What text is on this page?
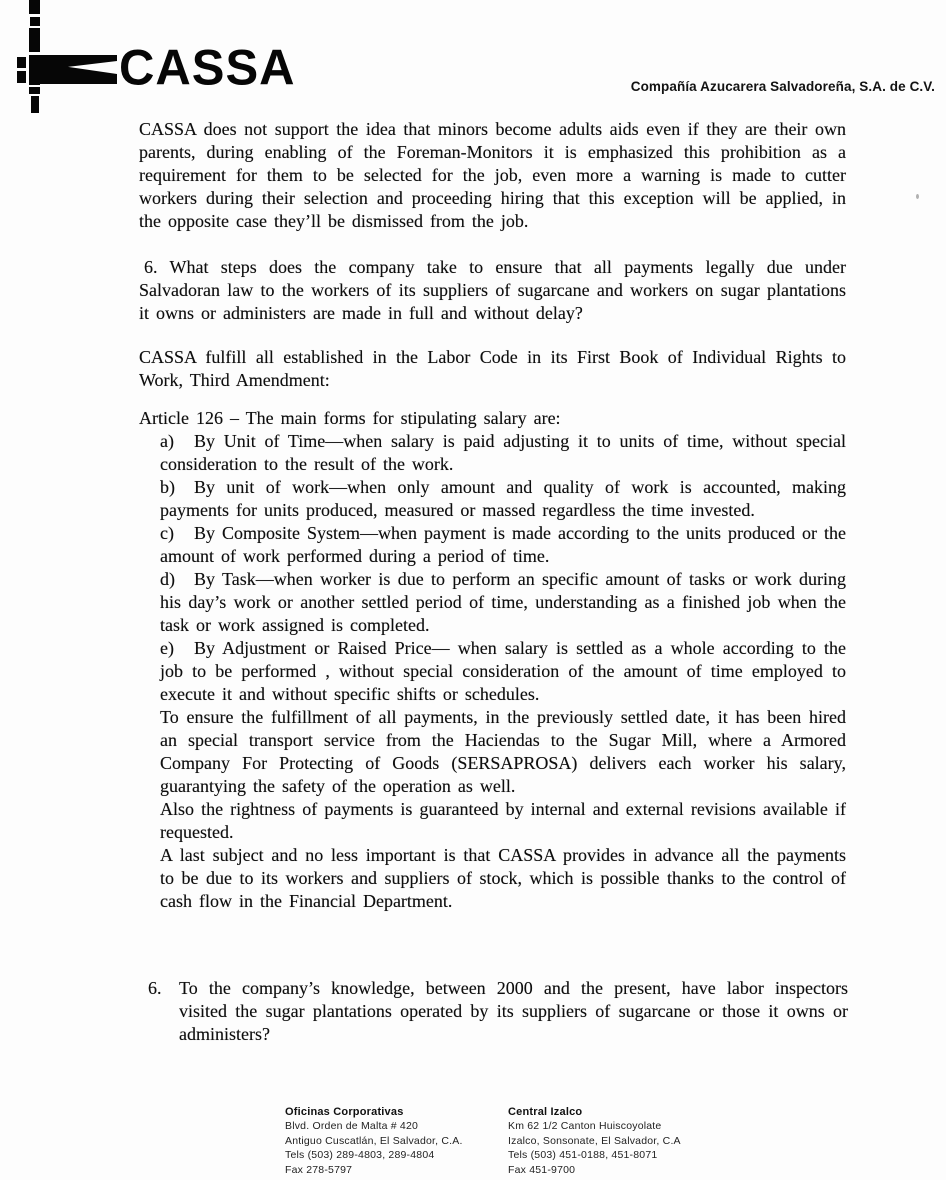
CASSA	Compañía Azucarera Salvadoreña, S.A. de C.V.

CASSA does not support the idea that minors become adults aids even if they are their own parents, during enabling of the Foreman-Monitors it is emphasized this prohibition as a requirement for them to be selected for the job, even more a warning is made to cutter workers during their selection and proceeding hiring that this exception will be applied, in the opposite case they’ll be dismissed from the job.

6. What steps does the company take to ensure that all payments legally due under Salvadoran law to the workers of its suppliers of sugarcane and workers on sugar plantations it owns or administers are made in full and without delay?

CASSA fulfill all established in the Labor Code in its First Book of Individual Rights to Work, Third Amendment:

Article 126 – The main forms for stipulating salary are:

a) By Unit of Time—when salary is paid adjusting it to units of time, without special consideration to the result of the work.

b) By unit of work—when only amount and quality of work is accounted, making payments for units produced, measured or massed regardless the time invested.

c) By Composite System—when payment is made according to the units produced or the amount of work performed during a period of time.

d) By Task—when worker is due to perform an specific amount of tasks or work during his day’s work or another settled period of time, understanding as a finished job when the task or work assigned is completed.

e) By Adjustment or Raised Price— when salary is settled as a whole according to the job to be performed , without special consideration of the amount of time employed to execute it and without specific shifts or schedules.

To ensure the fulfillment of all payments, in the previously settled date, it has been hired an special transport service from the Haciendas to the Sugar Mill, where a Armored Company For Protecting of Goods (SERSAPROSA) delivers each worker his salary, guarantying the safety of the operation as well.

Also the rightness of payments is guaranteed by internal and external revisions available if requested.

A last subject and no less important is that CASSA provides in advance all the payments to be due to its workers and suppliers of stock, which is possible thanks to the control of cash flow in the Financial Department.

6. To the company’s knowledge, between 2000 and the present, have labor inspectors visited the sugar plantations operated by its suppliers of sugarcane or those it owns or administers?
Oficinas Corporativas
Blvd. Orden de Malta # 420
Antiguo Cuscatlán, El Salvador, C.A.
Tels (503) 289-4803, 289-4804
Fax 278-5797
Central Izalco
Km 62 1/2 Canton Huiscoyolate
Izalco, Sonsonate, El Salvador, C.A
Tels (503) 451-0188, 451-8071
Fax 451-9700
